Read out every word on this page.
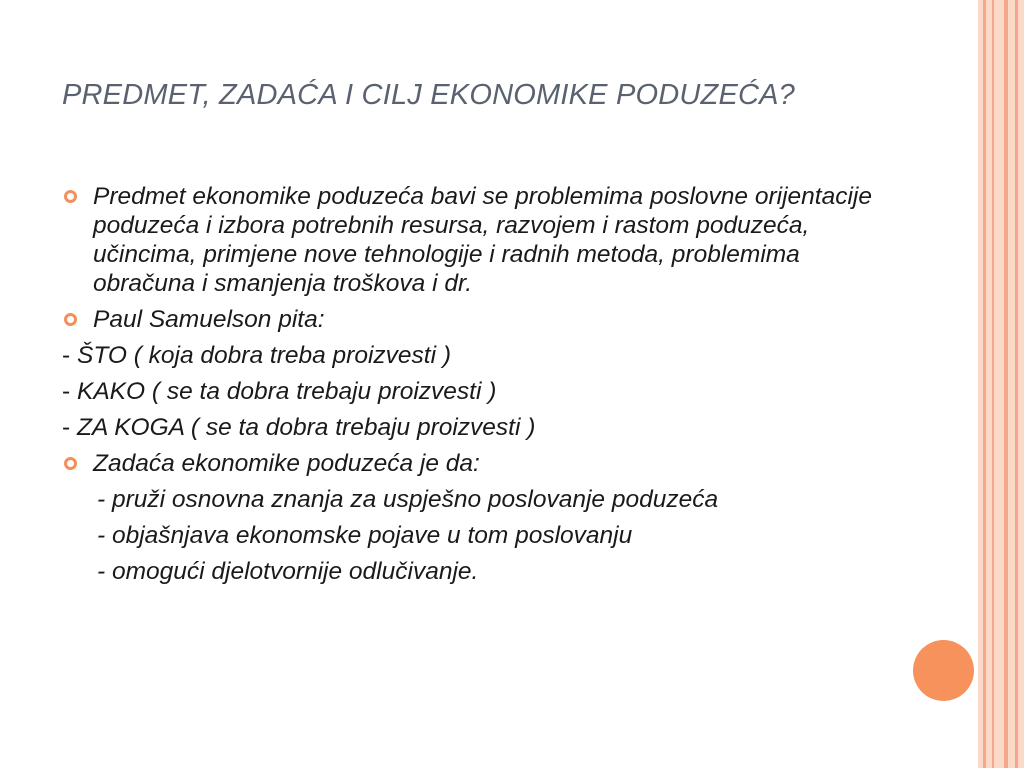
PREDMET, ZADAĆA I CILJ EKONOMIKE PODUZEĆA?
Predmet ekonomike poduzeća bavi se problemima poslovne orijentacije poduzeća i izbora potrebnih resursa, razvojem i rastom poduzeća, učincima, primjene nove tehnologije i radnih metoda, problemima obračuna i smanjenja troškova i dr.
Paul Samuelson pita:
- ŠTO ( koja dobra treba proizvesti )
- KAKO ( se ta dobra trebaju proizvesti )
- ZA KOGA ( se ta dobra trebaju proizvesti )
Zadaća ekonomike poduzeća je da:
- pruži osnovna znanja za uspješno poslovanje poduzeća
- objašnjava ekonomske pojave u tom poslovanju
- omogući djelotvornije odlučivanje.
